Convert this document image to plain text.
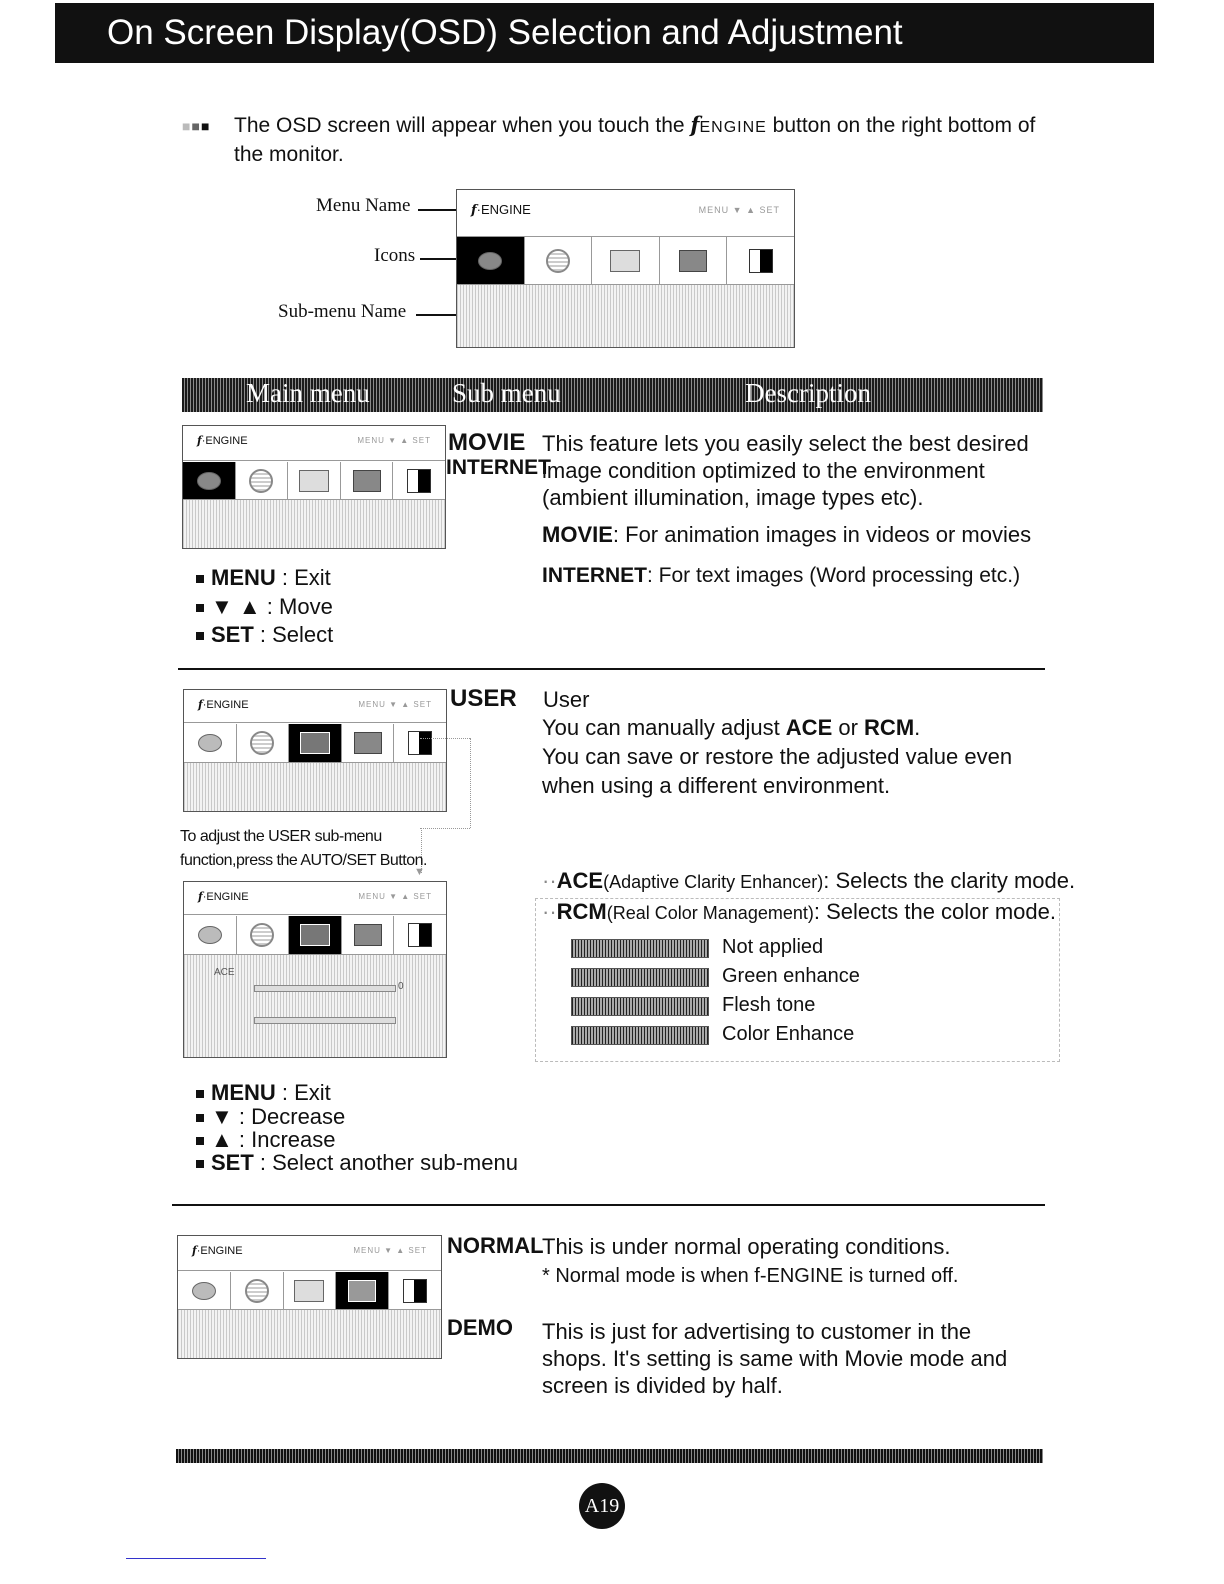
On Screen Display(OSD) Selection and Adjustment
■■■ The OSD screen will appear when you touch the fENGINE button on the right bottom of
the monitor.
Menu Name
Icons
Sub-menu Name
f·ENGINE	MENU ▼ ▲ SET
Main menu	Sub menu	Description
f·ENGINE	MENU ▼ ▲ SET MOVIE
INTERNET
This feature lets you easily select the best desired
image condition optimized to the environment
(ambient illumination, image types etc).
MOVIE: For animation images in videos or movies
INTERNET: For text images (Word processing etc.)
MENU : Exit
▼ ▲ : Move
SET : Select
f·ENGINE	MENU ▼ ▲ SET
▼
To adjust the USER sub-menu
function,press the AUTO/SET Button.
f·ENGINE	MENU ▼ ▲ SET
ACE
0
USER User
You can manually adjust ACE or RCM.
You can save or restore the adjusted value even
when using a different environment.
··ACE(Adaptive Clarity Enhancer): Selects the clarity mode.
··RCM(Real Color Management): Selects the color mode.
Not applied
Green enhance
Flesh tone
Color Enhance
MENU : Exit
▼ : Decrease
▲ : Increase
SET : Select another sub-menu
f·ENGINE	MENU ▼ ▲ SET NORMAL
This is under normal operating conditions.
* Normal mode is when f-ENGINE is turned off.
DEMO This is just for advertising to customer in the
shops. It's setting is same with Movie mode and
screen is divided by half.
A19
